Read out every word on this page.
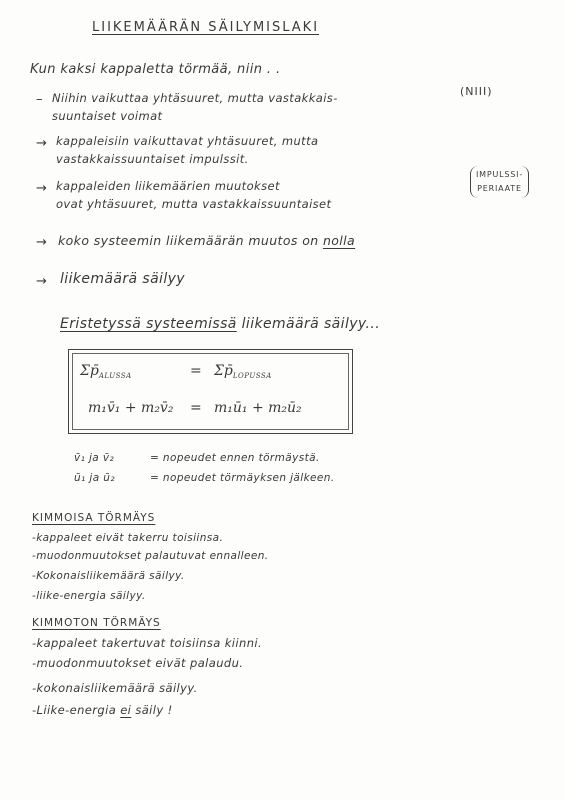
LIIKEMÄÄRÄN SÄILYMISLAKI
Kun kaksi kappaletta törmää, niin . .
– Niihin vaikuttaa yhtäsuuret, mutta vastakkais-
suuntaiset voimat
(NIII)
→ kappaleisiin vaikuttavat yhtäsuuret, mutta
vastakkaissuuntaiset impulssit.
→ kappaleiden liikemäärien muutokset
ovat yhtäsuuret, mutta vastakkaissuuntaiset
IMPULSSI-
PERIAATE
→ koko systeemin liikemäärän muutos on nolla
→ liikemäärä säilyy
Eristetyssä systeemissä liikemäärä säilyy...
$\Sigma p̄_{ALUSSA}$	= $\Sigma p̄_{LOPUSSA}$
m₁v̄₁ + m₂v̄₂ = m₁ū₁ + m₂ū₂
v̄₁ ja v̄₂	= nopeudet ennen törmäystä.
ū₁ ja ū₂	= nopeudet törmäyksen jälkeen.
KIMMOISA TÖRMÄYS
-kappaleet eivät takerru toisiinsa.
-muodonmuutokset palautuvat ennalleen.
-Kokonaisliikemäärä säilyy.
-liike-energia säilyy.
KIMMOTON TÖRMÄYS
-kappaleet takertuvat toisiinsa kiinni.
-muodonmuutokset eivät palaudu.
-kokonaisliikemäärä säilyy.
-Liike-energia ei säily !
